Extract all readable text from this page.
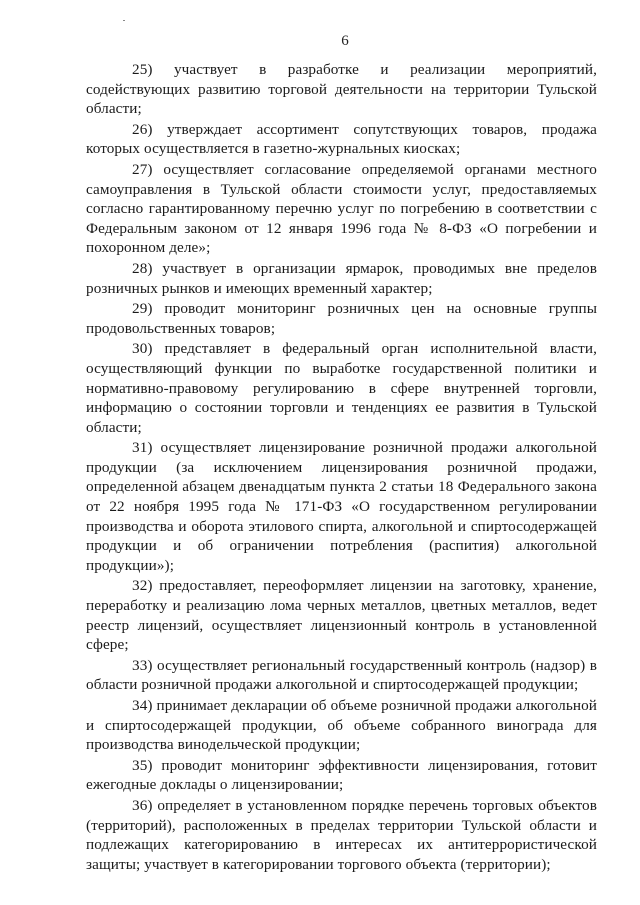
6

25) участвует в разработке и реализации мероприятий, содействующих развитию торговой деятельности на территории Тульской области;

26) утверждает ассортимент сопутствующих товаров, продажа которых осуществляется в газетно-журнальных киосках;

27) осуществляет согласование определяемой органами местного самоуправления в Тульской области стоимости услуг, предоставляемых согласно гарантированному перечню услуг по погребению в соответствии с Федеральным законом от 12 января 1996 года № 8-ФЗ «О погребении и похоронном деле»;

28) участвует в организации ярмарок, проводимых вне пределов розничных рынков и имеющих временный характер;

29) проводит мониторинг розничных цен на основные группы продовольственных товаров;

30) представляет в федеральный орган исполнительной власти, осуществляющий функции по выработке государственной политики и нормативно-правовому регулированию в сфере внутренней торговли, информацию о состоянии торговли и тенденциях ее развития в Тульской области;

31) осуществляет лицензирование розничной продажи алкогольной продукции (за исключением лицензирования розничной продажи, определенной абзацем двенадцатым пункта 2 статьи 18 Федерального закона от 22 ноября 1995 года № 171-ФЗ «О государственном регулировании производства и оборота этилового спирта, алкогольной и спиртосодержащей продукции и об ограничении потребления (распития) алкогольной продукции»);

32) предоставляет, переоформляет лицензии на заготовку, хранение, переработку и реализацию лома черных металлов, цветных металлов, ведет реестр лицензий, осуществляет лицензионный контроль в установленной сфере;

33) осуществляет региональный государственный контроль (надзор) в области розничной продажи алкогольной и спиртосодержащей продукции;

34) принимает декларации об объеме розничной продажи алкогольной и спиртосодержащей продукции, об объеме собранного винограда для производства винодельческой продукции;

35) проводит мониторинг эффективности лицензирования, готовит ежегодные доклады о лицензировании;

36) определяет в установленном порядке перечень торговых объектов (территорий), расположенных в пределах территории Тульской области и подлежащих категорированию в интересах их антитеррористической защиты; участвует в категорировании торгового объекта (территории);
